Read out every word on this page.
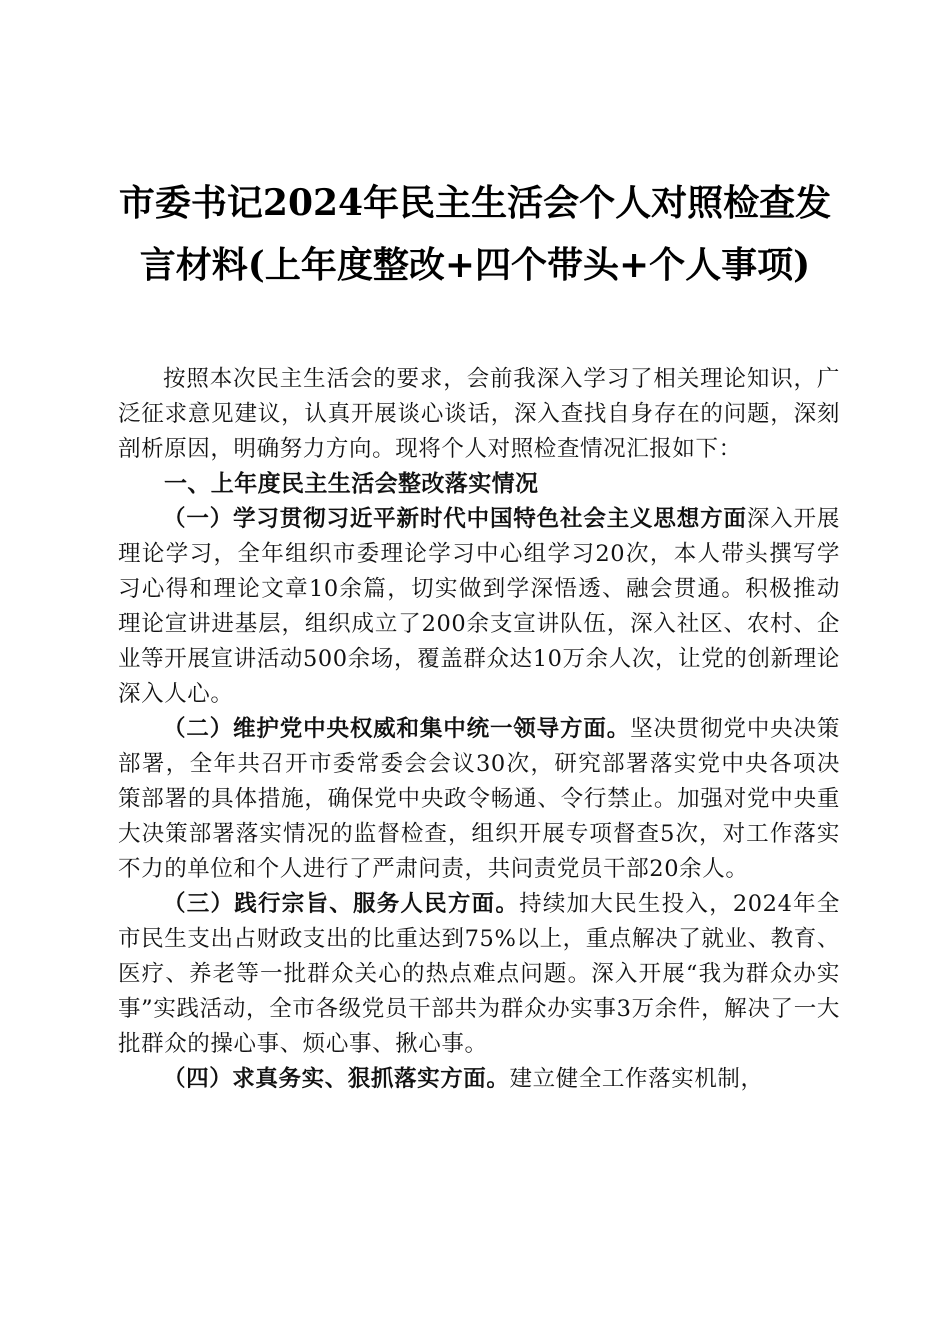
市委书记2024年民主生活会个人对照检查发
言材料(上年度整改+四个带头+个人事项)

按照本次民主生活会的要求，会前我深入学习了相关理论知识，广泛征求意见建议，认真开展谈心谈话，深入查找自身存在的问题，深刻剖析原因，明确努力方向。现将个人对照检查情况汇报如下：

一、上年度民主生活会整改落实情况

（一）学习贯彻习近平新时代中国特色社会主义思想方面深入开展理论学习，全年组织市委理论学习中心组学习20次，本人带头撰写学习心得和理论文章10余篇，切实做到学深悟透、融会贯通。积极推动理论宣讲进基层，组织成立了200余支宣讲队伍，深入社区、农村、企业等开展宣讲活动500余场，覆盖群众达10万余人次，让党的创新理论深入人心。

（二）维护党中央权威和集中统一领导方面。坚决贯彻党中央决策部署，全年共召开市委常委会会议30次，研究部署落实党中央各项决策部署的具体措施，确保党中央政令畅通、令行禁止。加强对党中央重大决策部署落实情况的监督检查，组织开展专项督查5次，对工作落实不力的单位和个人进行了严肃问责，共问责党员干部20余人。

（三）践行宗旨、服务人民方面。持续加大民生投入，2024年全市民生支出占财政支出的比重达到75%以上，重点解决了就业、教育、医疗、养老等一批群众关心的热点难点问题。深入开展“我为群众办实事”实践活动，全市各级党员干部共为群众办实事3万余件，解决了一大批群众的操心事、烦心事、揪心事。

（四）求真务实、狠抓落实方面。建立健全工作落实机制，
